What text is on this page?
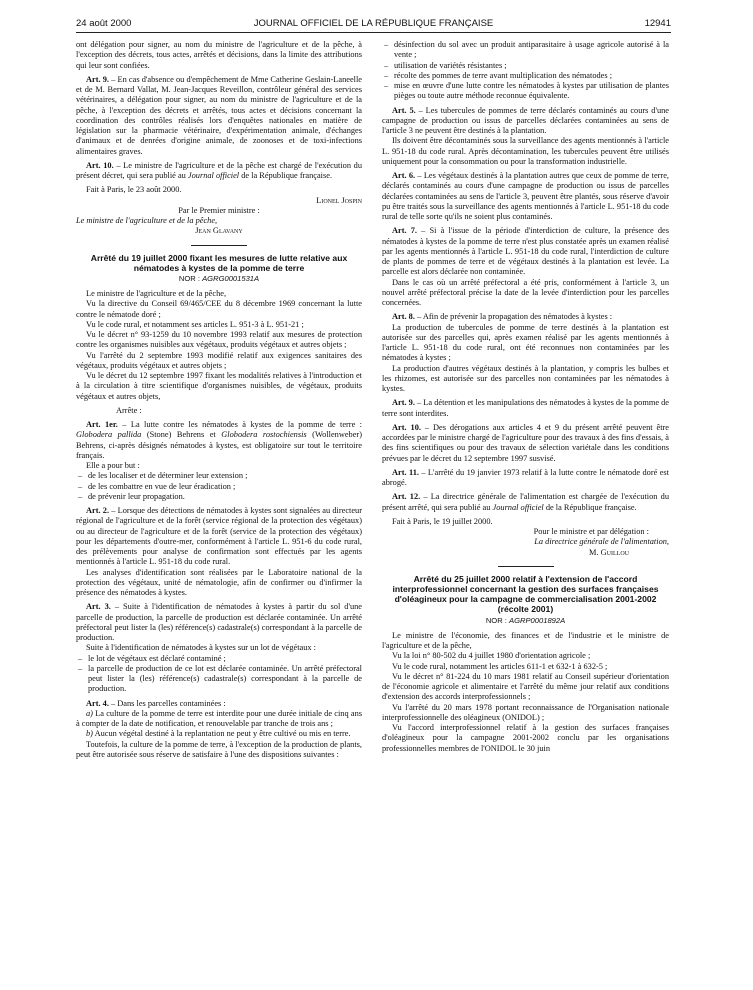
24 août 2000	JOURNAL OFFICIEL DE LA RÉPUBLIQUE FRANÇAISE	12941

ont délégation pour signer, au nom du ministre de l'agriculture et de la pêche, à l'exception des décrets, tous actes, arrêtés et décisions, dans la limite des attributions qui leur sont confiées.

Art. 9. – En cas d'absence ou d'empêchement de Mme Catherine Geslain-Laneelle et de M. Bernard Vallat, M. Jean-Jacques Reveillon, contrôleur général des services vétérinaires, a délégation pour signer, au nom du ministre de l'agriculture et de la pêche, à l'exception des décrets et arrêtés, tous actes et décisions concernant la coordination des contrôles réalisés lors d'enquêtes nationales en matière de législation sur la pharmacie vétérinaire, d'expérimentation animale, d'échanges d'animaux et de denrées d'origine animale, de zoonoses et de toxi-infections alimentaires graves.

Art. 10. – Le ministre de l'agriculture et de la pêche est chargé de l'exécution du présent décret, qui sera publié au Journal officiel de la République française.

Fait à Paris, le 23 août 2000.

Lionel Jospin

Par le Premier ministre :

Le ministre de l'agriculture et de la pêche,

Jean Glavany

Arrêté du 19 juillet 2000 fixant les mesures de lutte relative aux nématodes à kystes de la pomme de terre

NOR : AGRG0001531A

Le ministre de l'agriculture et de la pêche,

Vu la directive du Conseil 69/465/CEE du 8 décembre 1969 concernant la lutte contre le nématode doré ;

Vu le code rural, et notamment ses articles L. 951-3 à L. 951-21 ;

Vu le décret n° 93-1259 du 10 novembre 1993 relatif aux mesures de protection contre les organismes nuisibles aux végétaux, produits végétaux et autres objets ;

Vu l'arrêté du 2 septembre 1993 modifié relatif aux exigences sanitaires des végétaux, produits végétaux et autres objets ;

Vu le décret du 12 septembre 1997 fixant les modalités relatives à l'introduction et à la circulation à titre scientifique d'organismes nuisibles, de végétaux, produits végétaux et autres objets,

Arrête :

Art. 1er. – La lutte contre les nématodes à kystes de la pomme de terre : Globodera pallida (Stone) Behrens et Globodera rostochiensis (Wollenweber) Behrens, ci-après désignés nématodes à kystes, est obligatoire sur tout le territoire français.

Elle a pour but :

– de les localiser et de déterminer leur extension ;

– de les combattre en vue de leur éradication ;

– de prévenir leur propagation.

Art. 2. – Lorsque des détections de nématodes à kystes sont signalées au directeur régional de l'agriculture et de la forêt (service régional de la protection des végétaux) ou au directeur de l'agriculture et de la forêt (service de la protection des végétaux) pour les départements d'outre-mer, conformément à l'article L. 951-6 du code rural, des prélèvements pour analyse de confirmation sont effectués par les agents mentionnés à l'article L. 951-18 du code rural.

Les analyses d'identification sont réalisées par le Laboratoire national de la protection des végétaux, unité de nématologie, afin de confirmer ou d'infirmer la présence des nématodes à kystes.

Art. 3. – Suite à l'identification de nématodes à kystes à partir du sol d'une parcelle de production, la parcelle de production est déclarée contaminée. Un arrêté préfectoral peut lister la (les) référence(s) cadastrale(s) correspondant à la parcelle de production.

Suite à l'identification de nématodes à kystes sur un lot de végétaux :

– le lot de végétaux est déclaré contaminé ;

– la parcelle de production de ce lot est déclarée contaminée. Un arrêté préfectoral peut lister la (les) référence(s) cadastrale(s) correspondant à la parcelle de production.

Art. 4. – Dans les parcelles contaminées :

a) La culture de la pomme de terre est interdite pour une durée initiale de cinq ans à compter de la date de notification, et renouvelable par tranche de trois ans ;

b) Aucun végétal destiné à la replantation ne peut y être cultivé ou mis en terre.

Toutefois, la culture de la pomme de terre, à l'exception de la production de plants, peut être autorisée sous réserve de satisfaire à l'une des dispositions suivantes :

– désinfection du sol avec un produit antiparasitaire à usage agricole autorisé à la vente ;

– utilisation de variétés résistantes ;

– récolte des pommes de terre avant multiplication des nématodes ;

– mise en œuvre d'une lutte contre les nématodes à kystes par utilisation de plantes pièges ou toute autre méthode reconnue équivalente.

Art. 5. – Les tubercules de pommes de terre déclarés contaminés au cours d'une campagne de production ou issus de parcelles déclarées contaminées au sens de l'article 3 ne peuvent être destinés à la plantation.

Ils doivent être décontaminés sous la surveillance des agents mentionnés à l'article L. 951-18 du code rural. Après décontamination, les tubercules peuvent être utilisés uniquement pour la consommation ou pour la transformation industrielle.

Art. 6. – Les végétaux destinés à la plantation autres que ceux de pomme de terre, déclarés contaminés au cours d'une campagne de production ou issus de parcelles déclarées contaminées au sens de l'article 3, peuvent être plantés, sous réserve d'avoir pu être traités sous la surveillance des agents mentionnés à l'article L. 951-18 du code rural de telle sorte qu'ils ne soient plus contaminés.

Art. 7. – Si à l'issue de la période d'interdiction de culture, la présence des nématodes à kystes de la pomme de terre n'est plus constatée après un examen réalisé par les agents mentionnés à l'article L. 951-18 du code rural, l'interdiction de culture de plants de pommes de terre et de végétaux destinés à la plantation est levée. La parcelle est alors déclarée non contaminée.

Dans le cas où un arrêté préfectoral a été pris, conformément à l'article 3, un nouvel arrêté préfectoral précise la date de la levée d'interdiction pour les parcelles concernées.

Art. 8. – Afin de prévenir la propagation des nématodes à kystes :

La production de tubercules de pomme de terre destinés à la plantation est autorisée sur des parcelles qui, après examen réalisé par les agents mentionnés à l'article L. 951-18 du code rural, ont été reconnues non contaminées par les nématodes à kystes ;

La production d'autres végétaux destinés à la plantation, y compris les bulbes et les rhizomes, est autorisée sur des parcelles non contaminées par les nématodes à kystes.

Art. 9. – La détention et les manipulations des nématodes à kystes de la pomme de terre sont interdites.

Art. 10. – Des dérogations aux articles 4 et 9 du présent arrêté peuvent être accordées par le ministre chargé de l'agriculture pour des travaux à des fins d'essais, à des fins scientifiques ou pour des travaux de sélection variétale dans les conditions prévues par le décret du 12 septembre 1997 susvisé.

Art. 11. – L'arrêté du 19 janvier 1973 relatif à la lutte contre le nématode doré est abrogé.

Art. 12. – La directrice générale de l'alimentation est chargée de l'exécution du présent arrêté, qui sera publié au Journal officiel de la République française.

Fait à Paris, le 19 juillet 2000.

Pour le ministre et par délégation :

La directrice générale de l'alimentation,

M. Guillou

Arrêté du 25 juillet 2000 relatif à l'extension de l'accord interprofessionnel concernant la gestion des surfaces françaises d'oléagineux pour la campagne de commercialisation 2001-2002 (récolte 2001)

NOR : AGRP0001892A

Le ministre de l'économie, des finances et de l'industrie et le ministre de l'agriculture et de la pêche,

Vu la loi n° 80-502 du 4 juillet 1980 d'orientation agricole ;

Vu le code rural, notamment les articles 611-1 et 632-1 à 632-5 ;

Vu le décret n° 81-224 du 10 mars 1981 relatif au Conseil supérieur d'orientation de l'économie agricole et alimentaire et l'arrêté du même jour relatif aux conditions d'extension des accords interprofessionnels ;

Vu l'arrêté du 20 mars 1978 portant reconnaissance de l'Organisation nationale interprofessionnelle des oléagineux (ONIDOL) ;

Vu l'accord interprofessionnel relatif à la gestion des surfaces françaises d'oléagineux pour la campagne 2001-2002 conclu par les organisations professionnelles membres de l'ONIDOL le 30 juin
